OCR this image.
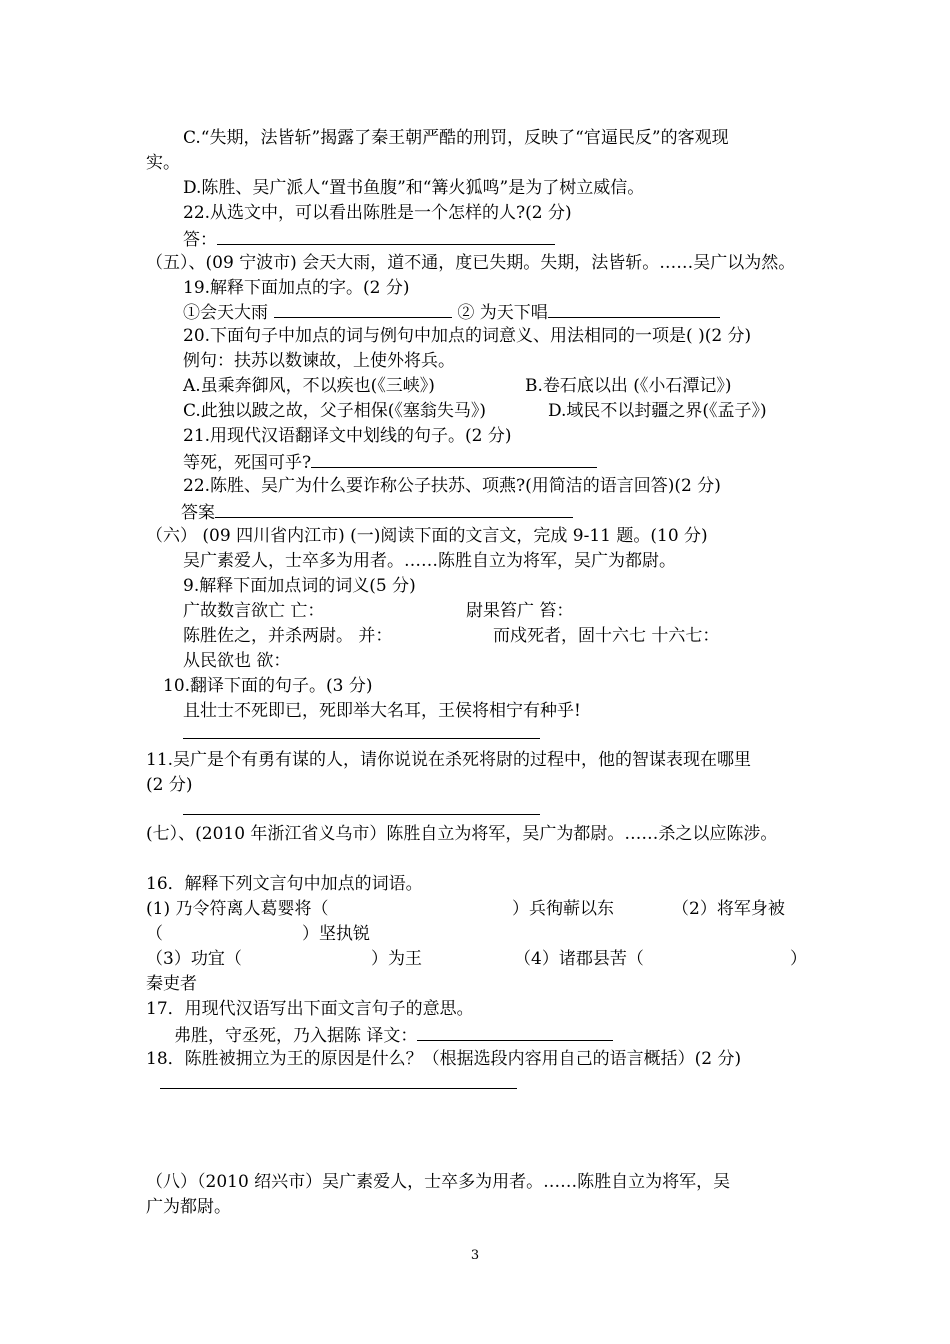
C.“失期，法皆斩”揭露了秦王朝严酷的刑罚，反映了“官逼民反”的客观现
实。
D.陈胜、吴广派人“置书鱼腹”和“篝火狐鸣”是为了树立威信。
22.从选文中，可以看出陈胜是一个怎样的人?(2 分)
答：
（五）、(09 宁波市) 会天大雨，道不通，度已失期。失期，法皆斩。……吴广以为然。
19.解释下面加点的字。(2 分)
①会天大雨	② 为天下唱
20.下面句子中加点的词与例句中加点的词意义、用法相同的一项是( )(2 分)
例句：扶苏以数谏故，上使外将兵。
A.虽乘奔御风，不以疾也(《三峡》)	B.卷石底以出 (《小石潭记》)
C.此独以跛之故，父子相保(《塞翁失马》)	D.域民不以封疆之界(《孟子》)
21.用现代汉语翻译文中划线的句子。(2 分)
等死，死国可乎?
22.陈胜、吴广为什么要诈称公子扶苏、项燕?(用简洁的语言回答)(2 分)
答案
（六） (09 四川省内江市) (一)阅读下面的文言文，完成 9-11 题。(10 分)
吴广素爱人，士卒多为用者。……陈胜自立为将军，吴广为都尉。
9.解释下面加点词的词义(5 分)
广故数言欲亡 亡：	尉果笞广 笞：
陈胜佐之，并杀两尉。 并：	而戍死者，固十六七 十六七：
从民欲也 欲：
10.翻译下面的句子。(3 分)
且壮士不死即已，死即举大名耳，王侯将相宁有种乎!
11.吴广是个有勇有谋的人，请你说说在杀死将尉的过程中，他的智谋表现在哪里
(2 分)
(七）、(2010 年浙江省义乌市）陈胜自立为将军，吴广为都尉。……杀之以应陈涉。
16．解释下列文言句中加点的词语。
(1) 乃令符离人葛婴将（	）兵徇蕲以东	（2）将军身被
（	）坚执锐
（3）功宜（	）为王	（4）诸郡县苦（	）
秦吏者
17．用现代汉语写出下面文言句子的意思。
弗胜，守丞死，乃入据陈 译文：
18．陈胜被拥立为王的原因是什么？（根据选段内容用自己的语言概括）(2 分)
（八）（2010 绍兴市）吴广素爱人，士卒多为用者。……陈胜自立为将军，吴
广为都尉。
3
